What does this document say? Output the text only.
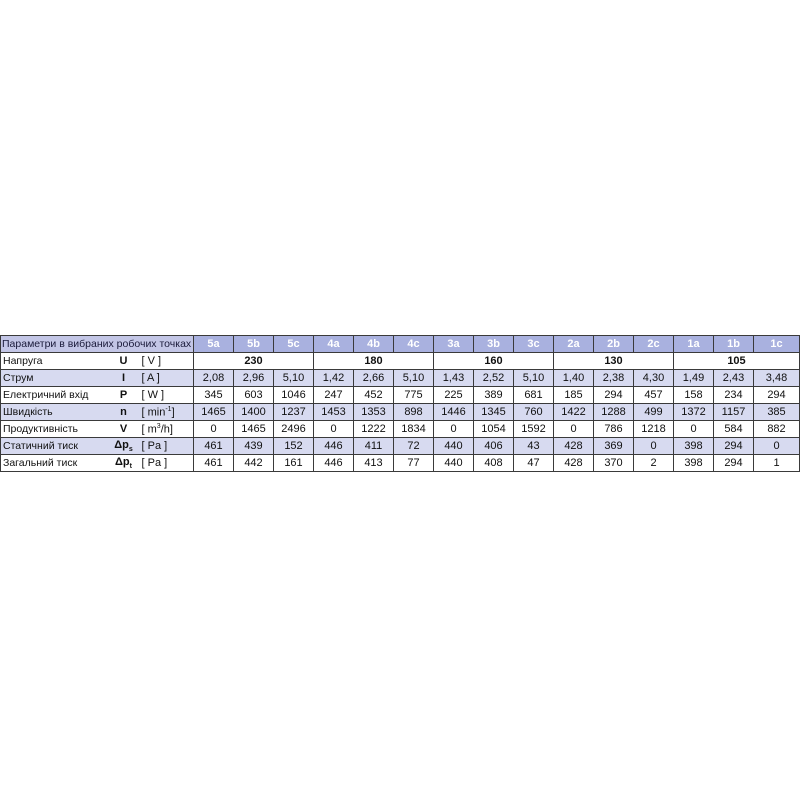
Параметри в вибраних робочих точках			5a	5b	5c	4a	4b	4c	3a	3b	3c	2a	2b	2c	1a	1b	1c
Напруга	U	[ V ]	230			180			160			130			105		
Струм	I	[ A ]	2,08	2,96	5,10	1,42	2,66	5,10	1,43	2,52	5,10	1,40	2,38	4,30	1,49	2,43	3,48
Електричний вхід	P	[ W ]	345	603	1046	247	452	775	225	389	681	185	294	457	158	234	294
Швидкість	n	[ $\min^{-1}$]	1465	1400	1237	1453	1353	898	1446	1345	760	1422	1288	499	1372	1157	385
Продуктивність	V	[ $m^3/h$]	0	1465	2496	0	1222	1834	0	1054	1592	0	786	1218	0	584	882
Статичний тиск	$\Delta p_s$	[ Pa ]	461	439	152	446	411	72	440	406	43	428	369	0	398	294	0
Загальний тиск	$\Delta p_t$	[ Pa ]	461	442	161	446	413	77	440	408	47	428	370	2	398	294	1
